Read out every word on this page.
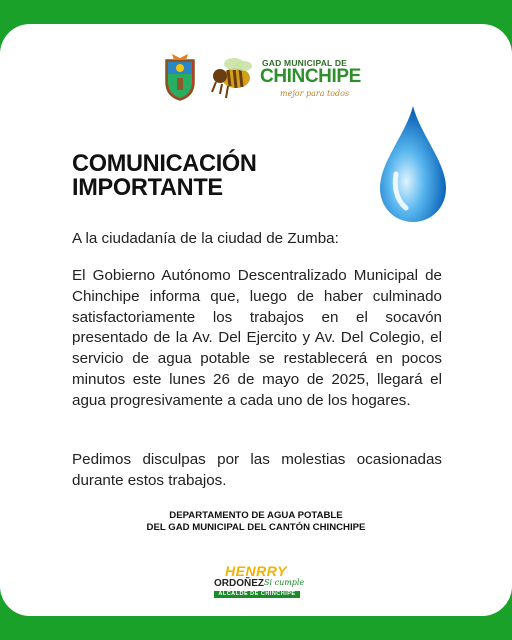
GAD MUNICIPAL DE
CHINCHIPE
mejor para todos
COMUNICACIÓN
IMPORTANTE
A la ciudadanía de la ciudad de Zumba:
El Gobierno Autónomo Descentralizado Municipal de Chinchipe informa que, luego de haber culminado satisfactoriamente los trabajos en el socavón presentado de la Av. Del Ejercito y Av. Del Colegio, el servicio de agua potable se restablecerá en pocos minutos este lunes 26 de mayo de 2025, llegará el agua progresivamente a cada uno de los hogares.
Pedimos disculpas por las molestias ocasionadas durante estos trabajos.
DEPARTAMENTO DE AGUA POTABLE
DEL GAD MUNICIPAL DEL CANTÓN CHINCHIPE
HENRRY
ORDOÑEZ Si cumple
ALCALDE DE CHINCHIPE
